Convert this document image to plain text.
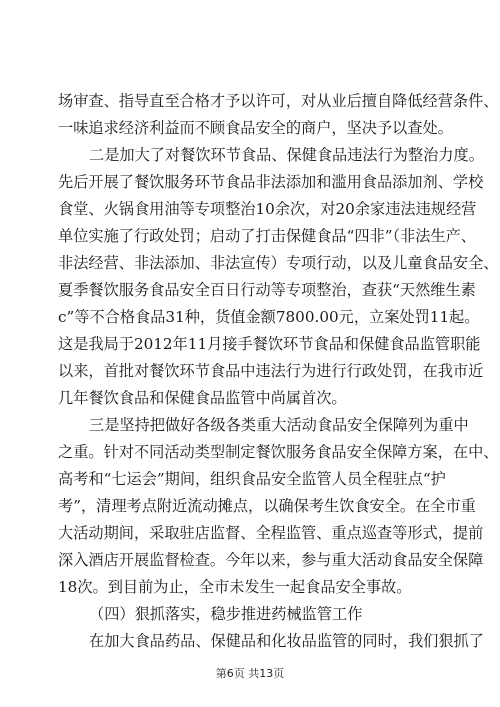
场审查、指导直至合格才予以许可，对从业后擅自降低经营条件、
一味追求经济利益而不顾食品安全的商户，坚决予以查处。
二是加大了对餐饮环节食品、保健食品违法行为整治力度。
先后开展了餐饮服务环节食品非法添加和滥用食品添加剂、学校
食堂、火锅食用油等专项整治10余次，对20余家违法违规经营
单位实施了行政处罚；启动了打击保健食品“四非”（非法生产、
非法经营、非法添加、非法宣传）专项行动，以及儿童食品安全、
夏季餐饮服务食品安全百日行动等专项整治，查获“天然维生素
c”等不合格食品31种，货值金额7800.00元，立案处罚11起。
这是我局于2012年11月接手餐饮环节食品和保健食品监管职能
以来，首批对餐饮环节食品中违法行为进行行政处罚，在我市近
几年餐饮食品和保健食品监管中尚属首次。
三是坚持把做好各级各类重大活动食品安全保障列为重中
之重。针对不同活动类型制定餐饮服务食品安全保障方案，在中、
高考和“七运会”期间，组织食品安全监管人员全程驻点“护
考”，清理考点附近流动摊点，以确保考生饮食安全。在全市重
大活动期间，采取驻店监督、全程监管、重点巡查等形式，提前
深入酒店开展监督检查。今年以来，参与重大活动食品安全保障
18次。到目前为止，全市未发生一起食品安全事故。
（四）狠抓落实，稳步推进药械监管工作
在加大食品药品、保健品和化妆品监管的同时，我们狠抓了
第6页 共13页
